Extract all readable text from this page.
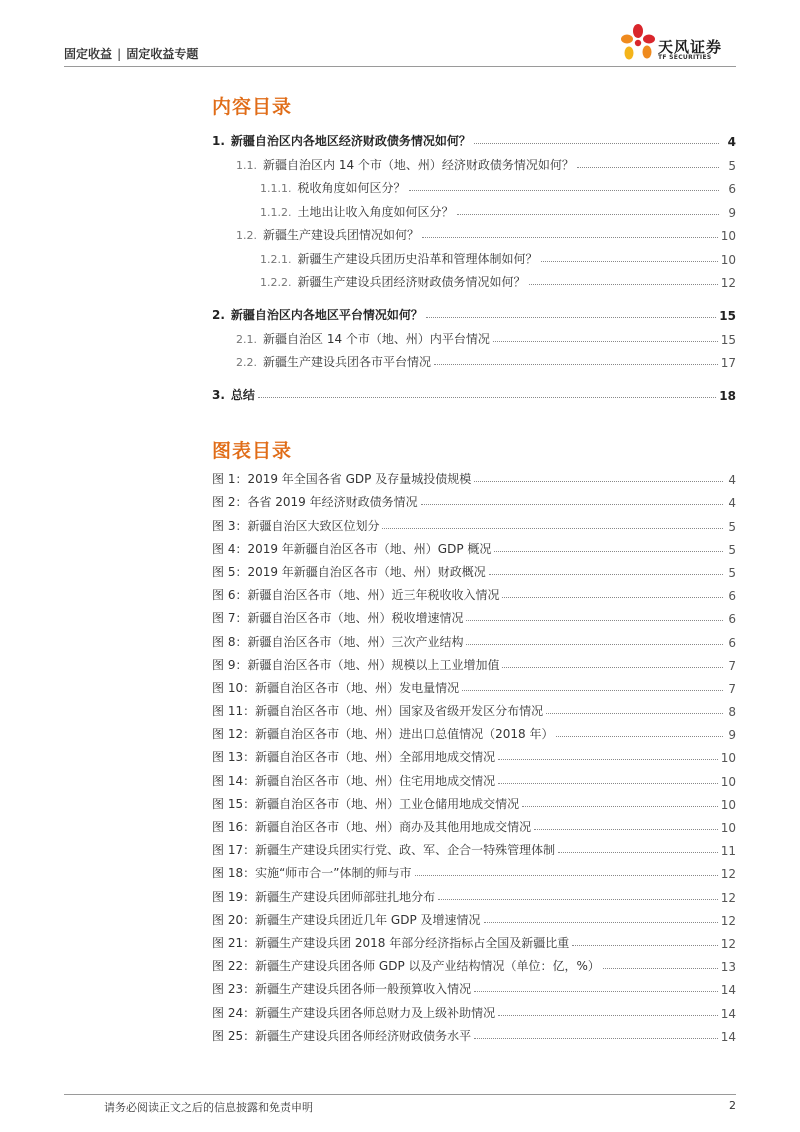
固定收益 | 固定收益专题	天风证券
TF SECURITIES
内容目录
1. 新疆自治区内各地区经济财政债务情况如何？	4
1.1. 新疆自治区内 14 个市（地、州）经济财政债务情况如何？	5
1.1.1. 税收角度如何区分？	6
1.1.2. 土地出让收入角度如何区分？	9
1.2. 新疆生产建设兵团情况如何？	10
1.2.1. 新疆生产建设兵团历史沿革和管理体制如何？	10
1.2.2. 新疆生产建设兵团经济财政债务情况如何？	12
2. 新疆自治区内各地区平台情况如何？	15
2.1. 新疆自治区 14 个市（地、州）内平台情况	15
2.2. 新疆生产建设兵团各市平台情况	17
3. 总结	18
图表目录
图 1：2019 年全国各省 GDP 及存量城投债规模	4
图 2：各省 2019 年经济财政债务情况	4
图 3：新疆自治区大致区位划分	5
图 4：2019 年新疆自治区各市（地、州）GDP 概况	5
图 5：2019 年新疆自治区各市（地、州）财政概况	5
图 6：新疆自治区各市（地、州）近三年税收收入情况	6
图 7：新疆自治区各市（地、州）税收增速情况	6
图 8：新疆自治区各市（地、州）三次产业结构	6
图 9：新疆自治区各市（地、州）规模以上工业增加值	7
图 10：新疆自治区各市（地、州）发电量情况	7
图 11：新疆自治区各市（地、州）国家及省级开发区分布情况	8
图 12：新疆自治区各市（地、州）进出口总值情况（2018 年）	9
图 13：新疆自治区各市（地、州）全部用地成交情况	10
图 14：新疆自治区各市（地、州）住宅用地成交情况	10
图 15：新疆自治区各市（地、州）工业仓储用地成交情况	10
图 16：新疆自治区各市（地、州）商办及其他用地成交情况	10
图 17：新疆生产建设兵团实行党、政、军、企合一特殊管理体制	11
图 18：实施“师市合一”体制的师与市	12
图 19：新疆生产建设兵团师部驻扎地分布	12
图 20：新疆生产建设兵团近几年 GDP 及增速情况	12
图 21：新疆生产建设兵团 2018 年部分经济指标占全国及新疆比重	12
图 22：新疆生产建设兵团各师 GDP 以及产业结构情况（单位：亿，%）	13
图 23：新疆生产建设兵团各师一般预算收入情况	14
图 24：新疆生产建设兵团各师总财力及上级补助情况	14
图 25：新疆生产建设兵团各师经济财政债务水平	14
请务必阅读正文之后的信息披露和免责申明	2
